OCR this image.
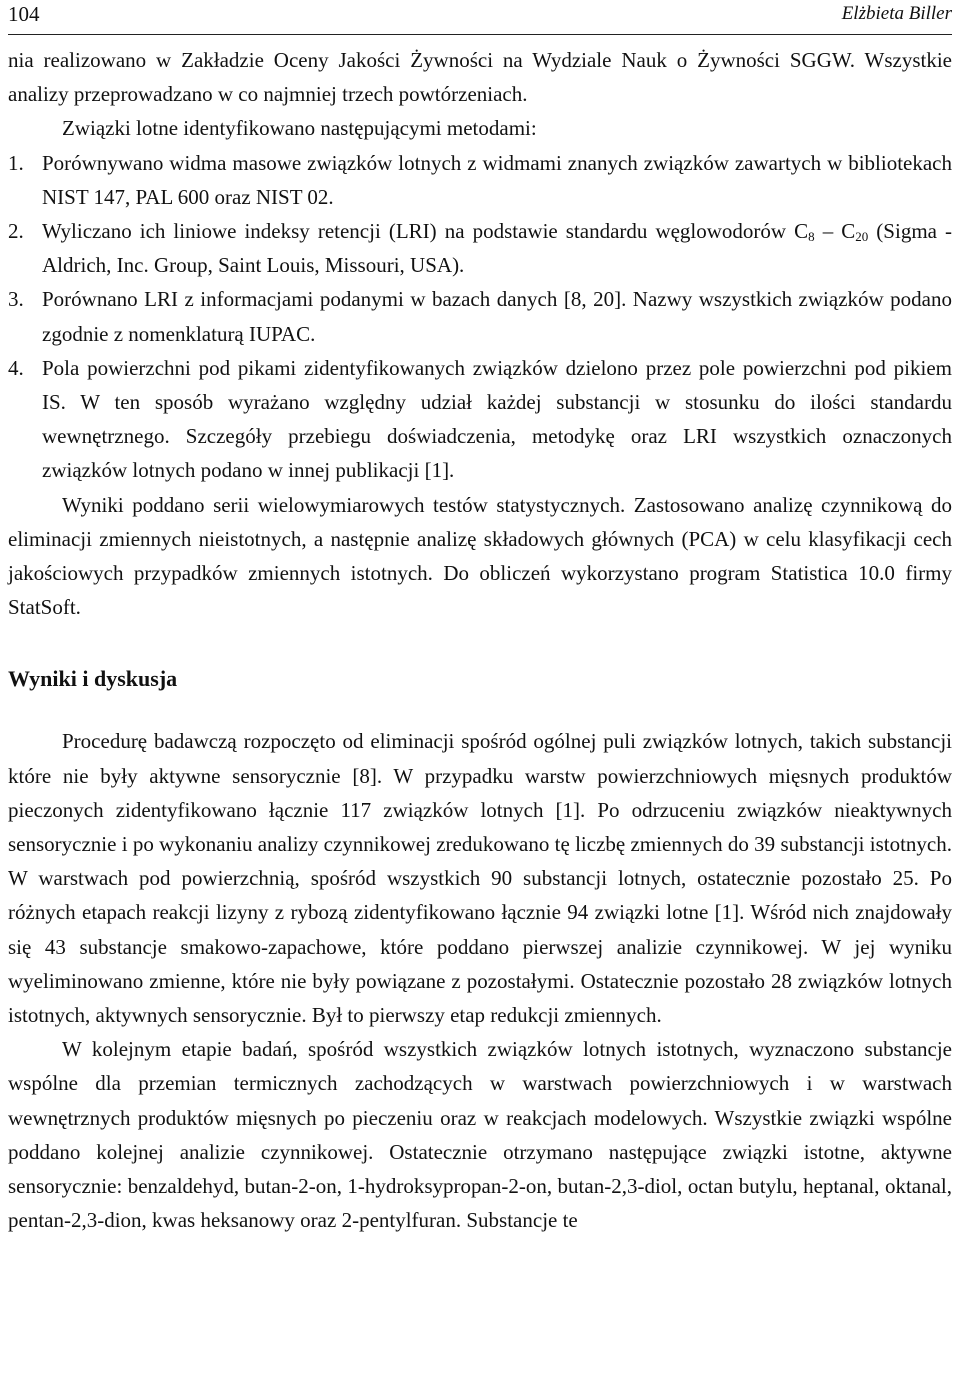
104	Elżbieta Biller

nia realizowano w Zakładzie Oceny Jakości Żywności na Wydziale Nauk o Żywności SGGW. Wszystkie analizy przeprowadzano w co najmniej trzech powtórzeniach.

Związki lotne identyfikowano następującymi metodami:

1. Porównywano widma masowe związków lotnych z widmami znanych związków zawartych w bibliotekach NIST 147, PAL 600 oraz NIST 02.

2. Wyliczano ich liniowe indeksy retencji (LRI) na podstawie standardu węglowodorów $C_8 - C_{20}$ (Sigma - Aldrich, Inc. Group, Saint Louis, Missouri, USA).

3. Porównano LRI z informacjami podanymi w bazach danych [8, 20]. Nazwy wszystkich związków podano zgodnie z nomenklaturą IUPAC.

4. Pola powierzchni pod pikami zidentyfikowanych związków dzielono przez pole powierzchni pod pikiem IS. W ten sposób wyrażano względny udział każdej substancji w stosunku do ilości standardu wewnętrznego. Szczegóły przebiegu doświadczenia, metodykę oraz LRI wszystkich oznaczonych związków lotnych podano w innej publikacji [1].

Wyniki poddano serii wielowymiarowych testów statystycznych. Zastosowano analizę czynnikową do eliminacji zmiennych nieistotnych, a następnie analizę składowych głównych (PCA) w celu klasyfikacji cech jakościowych przypadków zmiennych istotnych. Do obliczeń wykorzystano program Statistica 10.0 firmy StatSoft.

Wyniki i dyskusja

Procedurę badawczą rozpoczęto od eliminacji spośród ogólnej puli związków lotnych, takich substancji które nie były aktywne sensorycznie [8]. W przypadku warstw powierzchniowych mięsnych produktów pieczonych zidentyfikowano łącznie 117 związków lotnych [1]. Po odrzuceniu związków nieaktywnych sensorycznie i po wykonaniu analizy czynnikowej zredukowano tę liczbę zmiennych do 39 substancji istotnych. W warstwach pod powierzchnią, spośród wszystkich 90 substancji lotnych, ostatecznie pozostało 25. Po różnych etapach reakcji lizyny z rybozą zidentyfikowano łącznie 94 związki lotne [1]. Wśród nich znajdowały się 43 substancje smakowo-zapachowe, które poddano pierwszej analizie czynnikowej. W jej wyniku wyeliminowano zmienne, które nie były powiązane z pozostałymi. Ostatecznie pozostało 28 związków lotnych istotnych, aktywnych sensorycznie. Był to pierwszy etap redukcji zmiennych.

W kolejnym etapie badań, spośród wszystkich związków lotnych istotnych, wyznaczono substancje wspólne dla przemian termicznych zachodzących w warstwach powierzchniowych i w warstwach wewnętrznych produktów mięsnych po pieczeniu oraz w reakcjach modelowych. Wszystkie związki wspólne poddano kolejnej analizie czynnikowej. Ostatecznie otrzymano następujące związki istotne, aktywne sensorycznie: benzaldehyd, butan-2-on, 1-hydroksypropan-2-on, butan-2,3-diol, octan butylu, heptanal, oktanal, pentan-2,3-dion, kwas heksanowy oraz 2-pentylfuran. Substancje te
